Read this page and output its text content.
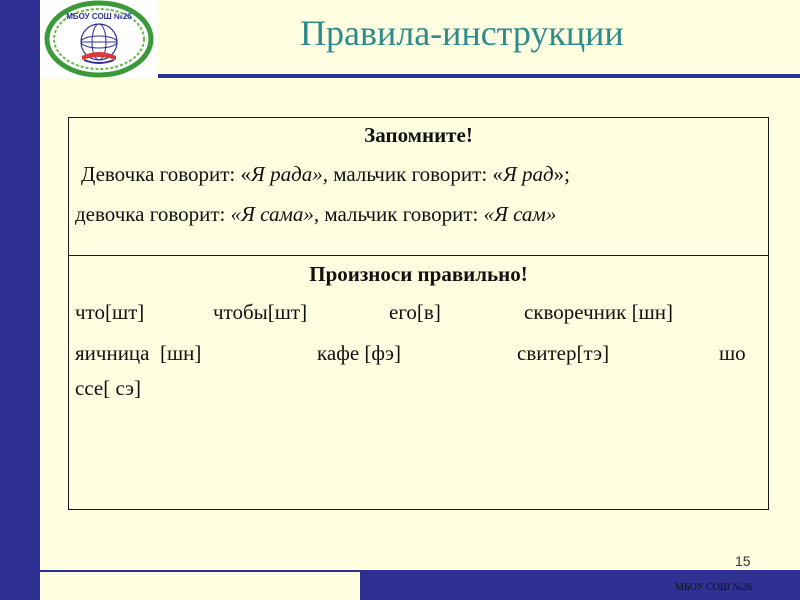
МБОУ СОШ №26	Правила-инструкции
Запомните!
Девочка говорит: «Я рада», мальчик говорит: «Я рад»;
девочка говорит: «Я сама», мальчик говорит: «Я сам»
Произноси правильно!
что[шт]	чтобы[шт]	его[в]	скворечник [шн]
яичница  [шн]	кафе [фэ]	свитер[тэ]	шо
ссе[ сэ]
15
МБОУ СОШ №26
